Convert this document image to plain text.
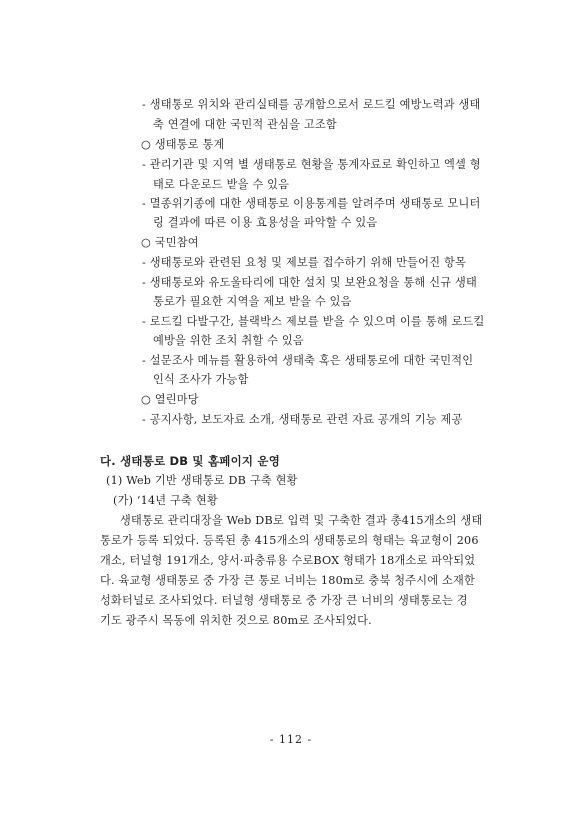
- 생태통로 위치와 관리실태를 공개함으로서 로드킬 예방노력과 생태
축 연결에 대한 국민적 관심을 고조함
○ 생태통로 통계
- 관리기관 및 지역 별 생태통로 현황을 통계자료로 확인하고 엑셀 형
태로 다운로드 받을 수 있음
- 멸종위기종에 대한 생태통로 이용통계를 알려주며 생태통로 모니터
링 결과에 따른 이용 효용성을 파악할 수 있음
○ 국민참여
- 생태통로와 관련된 요청 및 제보를 접수하기 위해 만들어진 항목
- 생태통로와 유도울타리에 대한 설치 및 보완요청을 통해 신규 생태
통로가 필요한 지역을 제보 받을 수 있음
- 로드킬 다발구간, 블랙박스 제보를 받을 수 있으며 이를 통해 로드킬
예방을 위한 조치 취할 수 있음
- 설문조사 메뉴를 활용하여 생태축 혹은 생태통로에 대한 국민적인
인식 조사가 가능함
○ 열린마당
- 공지사항, 보도자료 소개, 생태통로 관련 자료 공개의 기능 제공
다. 생태통로 DB 및 홈페이지 운영
(1) Web 기반 생태통로 DB 구축 현황
(가) ‘14년 구축 현황
생태통로 관리대장을 Web DB로 입력 및 구축한 결과 총415개소의 생태
통로가 등록 되었다. 등록된 총 415개소의 생태통로의 형태는 육교형이 206
개소, 터널형 191개소, 양서·파충류용 수로BOX 형태가 18개소로 파악되었
다. 육교형 생태통로 중 가장 큰 통로 너비는 180m로 충북 청주시에 소재한
성화터널로 조사되었다. 터널형 생태통로 중 가장 큰 너비의 생태통로는 경
기도 광주시 목동에 위치한 것으로 80m로 조사되었다.
- 112 -
